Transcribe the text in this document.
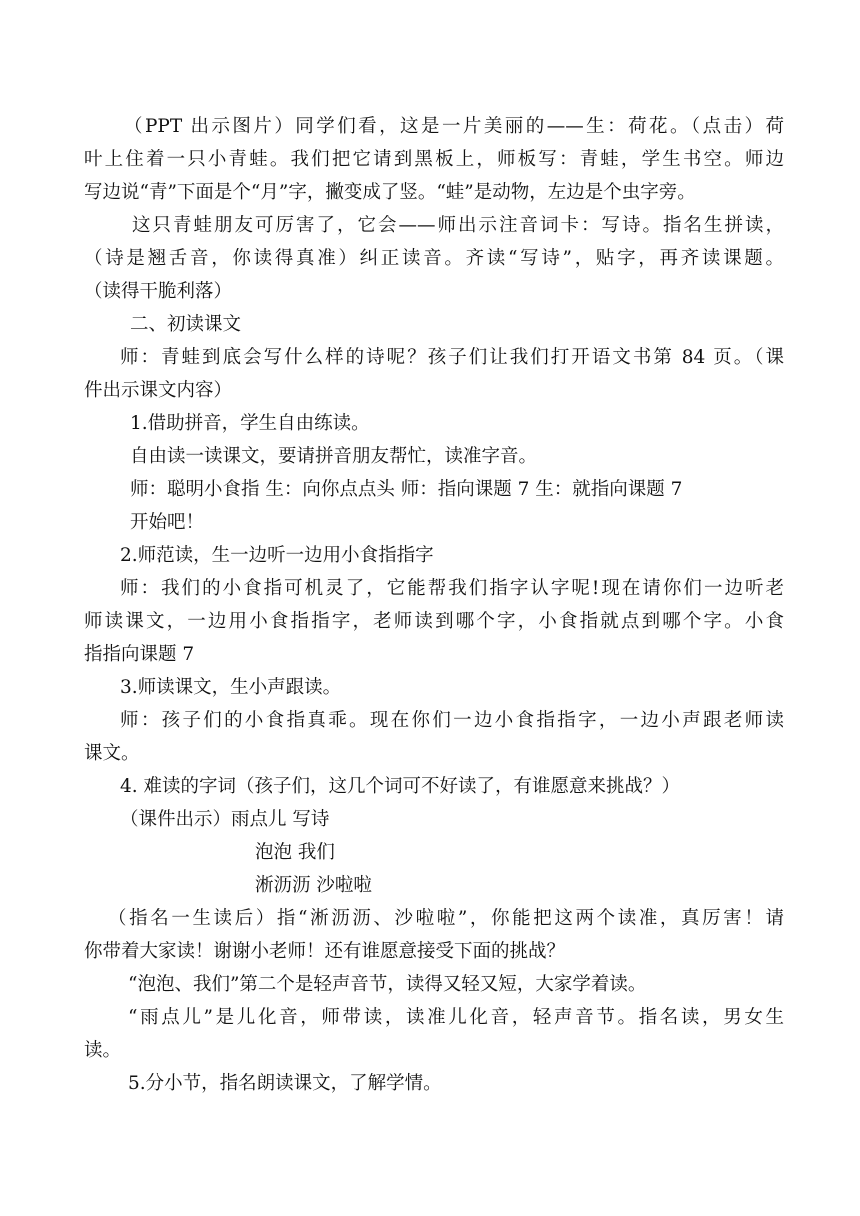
（PPT 出示图片）同学们看，这是一片美丽的——生：荷花。（点击）荷
叶上住着一只小青蛙。我们把它请到黑板上，师板写：青蛙，学生书空。师边
写边说“青”下面是个“月”字，撇变成了竖。“蛙”是动物，左边是个虫字旁。
这只青蛙朋友可厉害了，它会——师出示注音词卡：写诗。指名生拼读，
（诗是翘舌音，你读得真准）纠正读音。齐读“写诗”，贴字，再齐读课题。
（读得干脆利落）
二、初读课文
师：青蛙到底会写什么样的诗呢？孩子们让我们打开语文书第 84 页。（课
件出示课文内容）
1.借助拼音，学生自由练读。
自由读一读课文，要请拼音朋友帮忙，读准字音。
师：聪明小食指 生：向你点点头 师：指向课题 7 生：就指向课题 7
开始吧！
2.师范读，生一边听一边用小食指指字
师：我们的小食指可机灵了，它能帮我们指字认字呢!现在请你们一边听老
师读课文，一边用小食指指字，老师读到哪个字，小食指就点到哪个字。小食
指指向课题 7
3.师读课文，生小声跟读。
师：孩子们的小食指真乖。现在你们一边小食指指字，一边小声跟老师读
课文。
4. 难读的字词（孩子们，这几个词可不好读了，有谁愿意来挑战？）
（课件出示）雨点儿 写诗
泡泡 我们
淅沥沥 沙啦啦
（指名一生读后）指“淅沥沥、沙啦啦”，你能把这两个读准，真厉害！请
你带着大家读！谢谢小老师！还有谁愿意接受下面的挑战？
“泡泡、我们”第二个是轻声音节，读得又轻又短，大家学着读。
“雨点儿”是儿化音，师带读，读准儿化音，轻声音节。指名读，男女生
读。
5.分小节，指名朗读课文，了解学情。
